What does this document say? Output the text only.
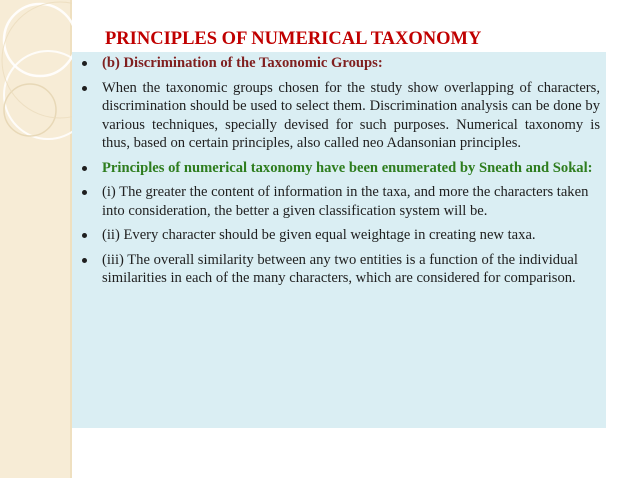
PRINCIPLES OF NUMERICAL TAXONOMY
(b) Discrimination of the Taxonomic Groups:
When the taxonomic groups chosen for the study show overlapping of characters, discrimination should be used to select them. Discrimination analysis can be done by various techniques, specially devised for such purposes. Numerical taxonomy is thus, based on certain principles, also called neo Adansonian principles.
Principles of numerical taxonomy have been enumerated by Sneath and Sokal:
(i) The greater the content of information in the taxa, and more the characters taken into consideration, the better a given classification system will be.
(ii) Every character should be given equal weightage in creating new taxa.
(iii) The overall similarity between any two entities is a function of the individual similarities in each of the many characters, which are considered for comparison.
